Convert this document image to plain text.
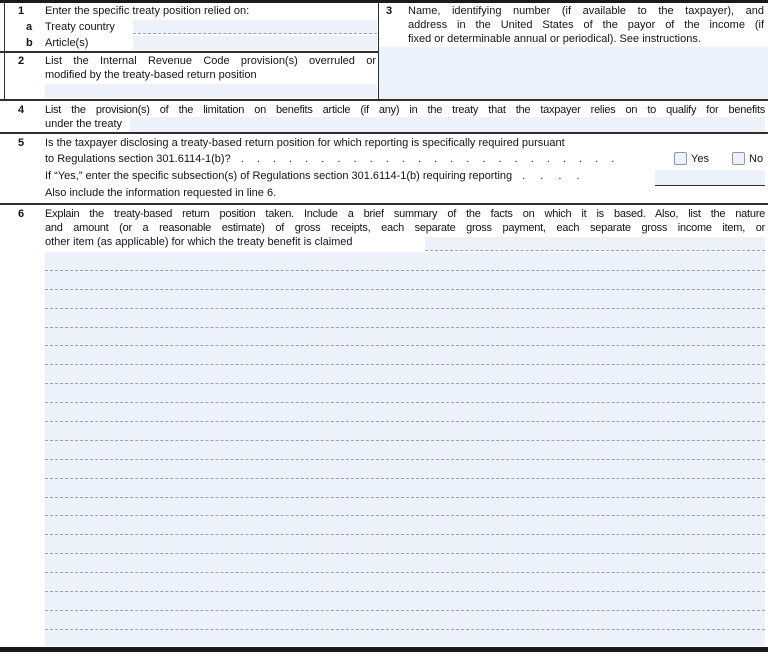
1 Enter the specific treaty position relied on:
a Treaty country
b Article(s)
2 List the Internal Revenue Code provision(s) overruled or
modified by the treaty-based return position
3 Name, identifying number (if available to the taxpayer), and
address in the United States of the payor of the income (if
fixed or determinable annual or periodical). See instructions.
4 List the provision(s) of the limitation on benefits article (if any) in the treaty that the taxpayer relies on to qualify for benefits
under the treaty
5 Is the taxpayer disclosing a treaty-based return position for which reporting is specifically required pursuant
to Regulations section 301.6114-1(b)? . . . . . . . . . . . . . . . . . . . . . . . .	Yes	No
If “Yes,” enter the specific subsection(s) of Regulations section 301.6114-1(b) requiring reporting . . . .
Also include the information requested in line 6.
6 Explain the treaty-based return position taken. Include a brief summary of the facts on which it is based. Also, list the nature
and amount (or a reasonable estimate) of gross receipts, each separate gross payment, each separate gross income item, or
other item (as applicable) for which the treaty benefit is claimed
